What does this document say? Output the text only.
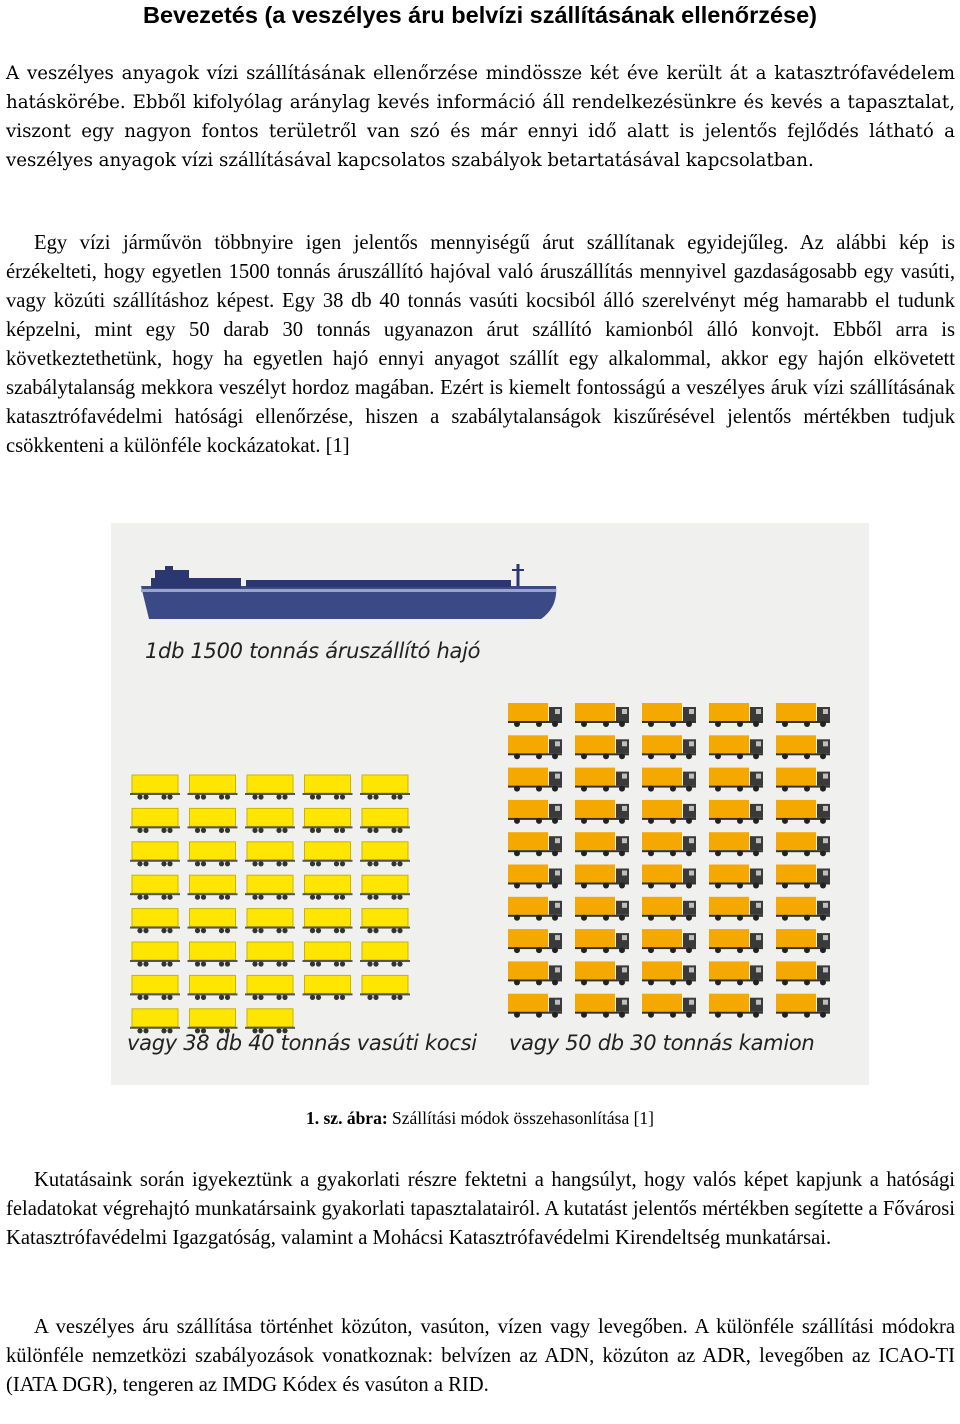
Bevezetés (a veszélyes áru belvízi szállításának ellenőrzése)

A veszélyes anyagok vízi szállításának ellenőrzése mindössze két éve került át a katasztrófavédelem hatáskörébe. Ebből kifolyólag aránylag kevés információ áll rendelkezésünkre és kevés a tapasztalat, viszont egy nagyon fontos területről van szó és már ennyi idő alatt is jelentős fejlődés látható a veszélyes anyagok vízi szállításával kapcsolatos szabályok betartatásával kapcsolatban.

Egy vízi járművön többnyire igen jelentős mennyiségű árut szállítanak egyidejűleg. Az alábbi kép is érzékelteti, hogy egyetlen 1500 tonnás áruszállító hajóval való áruszállítás mennyivel gazdaságosabb egy vasúti, vagy közúti szállításhoz képest. Egy 38 db 40 tonnás vasúti kocsiból álló szerelvényt még hamarabb el tudunk képzelni, mint egy 50 darab 30 tonnás ugyanazon árut szállító kamionból álló konvojt. Ebből arra is következtethetünk, hogy ha egyetlen hajó ennyi anyagot szállít egy alkalommal, akkor egy hajón elkövetett szabálytalanság mekkora veszélyt hordoz magában. Ezért is kiemelt fontosságú a veszélyes áruk vízi szállításának katasztrófavédelmi hatósági ellenőrzése, hiszen a szabálytalanságok kiszűrésével jelentős mértékben tudjuk csökkenteni a különféle kockázatokat. [1]

1db 1500 tonnás áruszállító hajó
vagy 38 db 40 tonnás vasúti kocsi vagy 50 db 30 tonnás kamion
1. sz. ábra: Szállítási módok összehasonlítása [1]

Kutatásaink során igyekeztünk a gyakorlati részre fektetni a hangsúlyt, hogy valós képet kapjunk a hatósági feladatokat végrehajtó munkatársaink gyakorlati tapasztalatairól. A kutatást jelentős mértékben segítette a Fővárosi Katasztrófavédelmi Igazgatóság, valamint a Mohácsi Katasztrófavédelmi Kirendeltség munkatársai.

A veszélyes áru szállítása történhet közúton, vasúton, vízen vagy levegőben. A különféle szállítási módokra különféle nemzetközi szabályozások vonatkoznak: belvízen az ADN, közúton az ADR, levegőben az ICAO-TI (IATA DGR), tengeren az IMDG Kódex és vasúton a RID.
